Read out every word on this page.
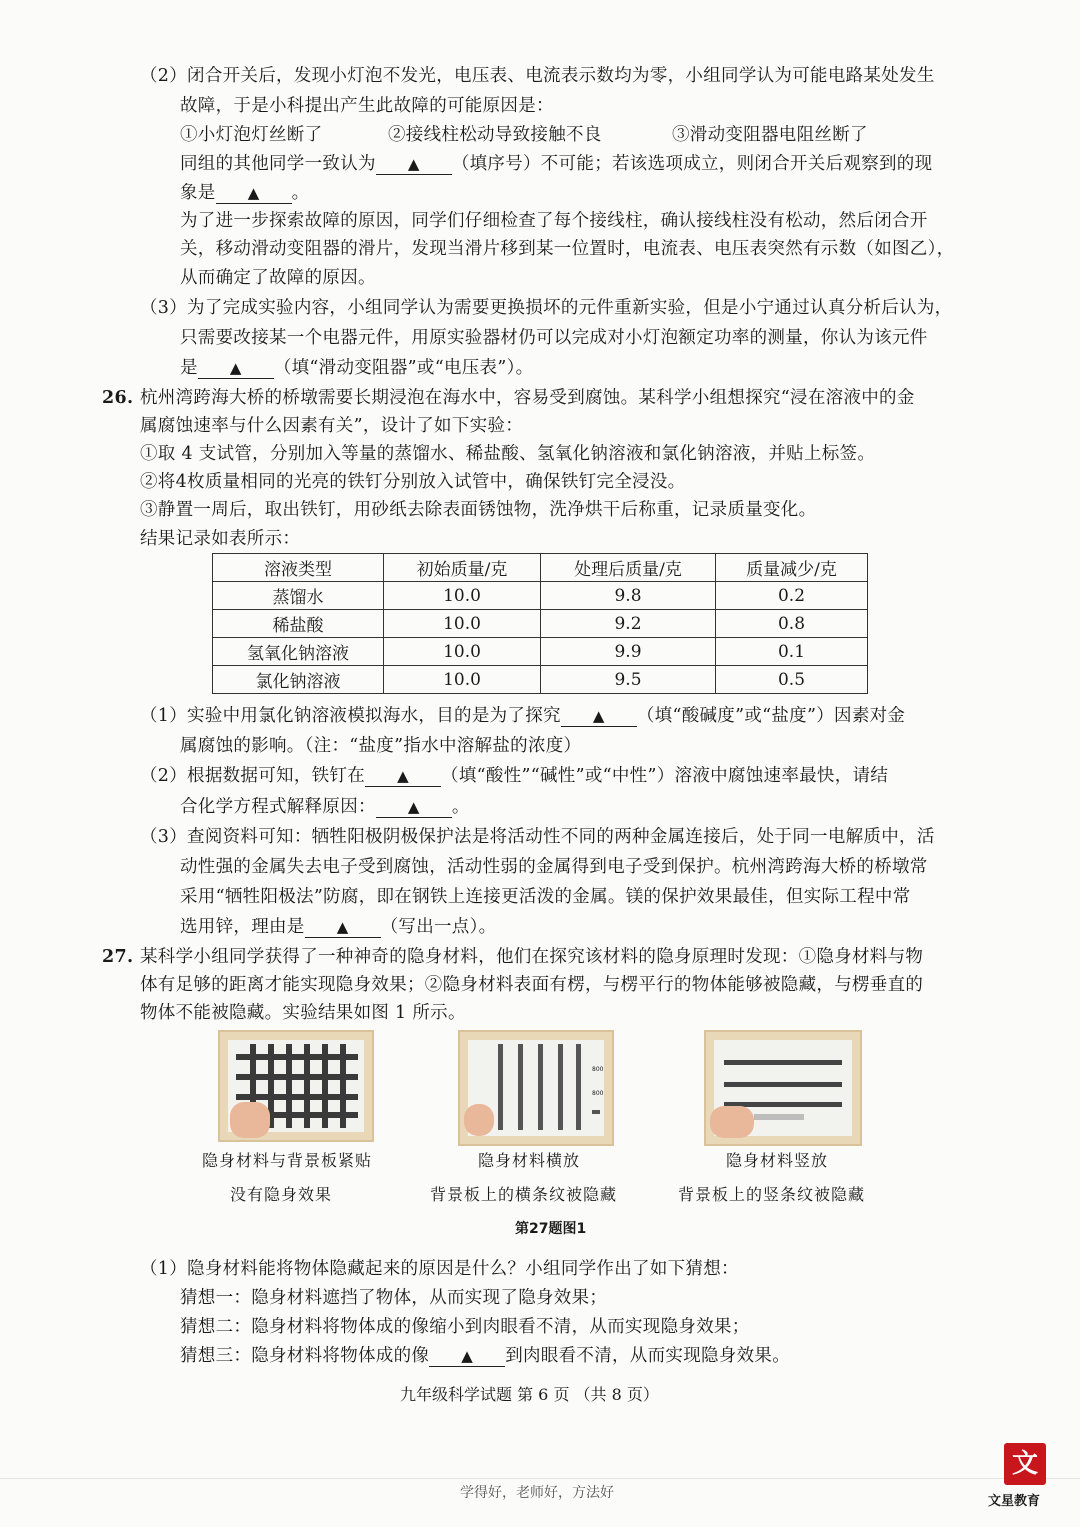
（2）闭合开关后，发现小灯泡不发光，电压表、电流表示数均为零，小组同学认为可能电路某处发生
故障，于是小科提出产生此故障的可能原因是：
①小灯泡灯丝断了	②接线柱松动导致接触不良	③滑动变阻器电阻丝断了
同组的其他同学一致认为 ▲ （填序号）不可能；若该选项成立，则闭合开关后观察到的现
象是 ▲ 。
为了进一步探索故障的原因，同学们仔细检查了每个接线柱，确认接线柱没有松动，然后闭合开
关，移动滑动变阻器的滑片，发现当滑片移到某一位置时，电流表、电压表突然有示数（如图乙），
从而确定了故障的原因。
（3）为了完成实验内容，小组同学认为需要更换损坏的元件重新实验，但是小宁通过认真分析后认为，
只需要改接某一个电器元件，用原实验器材仍可以完成对小灯泡额定功率的测量，你认为该元件
是 ▲ （填“滑动变阻器”或“电压表”）。
26. 杭州湾跨海大桥的桥墩需要长期浸泡在海水中，容易受到腐蚀。某科学小组想探究“浸在溶液中的金
属腐蚀速率与什么因素有关”，设计了如下实验：
①取 4 支试管，分别加入等量的蒸馏水、稀盐酸、氢氧化钠溶液和氯化钠溶液，并贴上标签。
②将4枚质量相同的光亮的铁钉分别放入试管中，确保铁钉完全浸没。
③静置一周后，取出铁钉，用砂纸去除表面锈蚀物，洗净烘干后称重，记录质量变化。
结果记录如表所示：
溶液类型	初始质量/克	处理后质量/克	质量减少/克
蒸馏水	10.0	9.8	0.2
稀盐酸	10.0	9.2	0.8
氢氧化钠溶液	10.0	9.9	0.1
氯化钠溶液	10.0	9.5	0.5
（1）实验中用氯化钠溶液模拟海水，目的是为了探究 ▲ （填“酸碱度”或“盐度”）因素对金
属腐蚀的影响。（注：“盐度”指水中溶解盐的浓度）
（2）根据数据可知，铁钉在 ▲ （填“酸性”“碱性”或“中性”）溶液中腐蚀速率最快，请结
合化学方程式解释原因： ▲ 。
（3）查阅资料可知：牺牲阳极阴极保护法是将活动性不同的两种金属连接后，处于同一电解质中，活
动性强的金属失去电子受到腐蚀，活动性弱的金属得到电子受到保护。杭州湾跨海大桥的桥墩常
采用“牺牲阳极法”防腐，即在钢铁上连接更活泼的金属。镁的保护效果最佳，但实际工程中常
选用锌，理由是 ▲ （写出一点）。
27. 某科学小组同学获得了一种神奇的隐身材料，他们在探究该材料的隐身原理时发现：①隐身材料与物
体有足够的距离才能实现隐身效果；②隐身材料表面有楞，与楞平行的物体能够被隐藏，与楞垂直的
物体不能被隐藏。实验结果如图 1 所示。
800
800
隐身材料与背景板紧贴
没有隐身效果
隐身材料横放
背景板上的横条纹被隐藏
隐身材料竖放
背景板上的竖条纹被隐藏
第27题图1
（1）隐身材料能将物体隐藏起来的原因是什么？小组同学作出了如下猜想：
猜想一：隐身材料遮挡了物体，从而实现了隐身效果；
猜想二：隐身材料将物体成的像缩小到肉眼看不清，从而实现隐身效果；
猜想三：隐身材料将物体成的像 ▲ 到肉眼看不清，从而实现隐身效果。
九年级科学试题 第 6 页 （共 8 页）
学得好，老师好，方法好
文
文星教育
